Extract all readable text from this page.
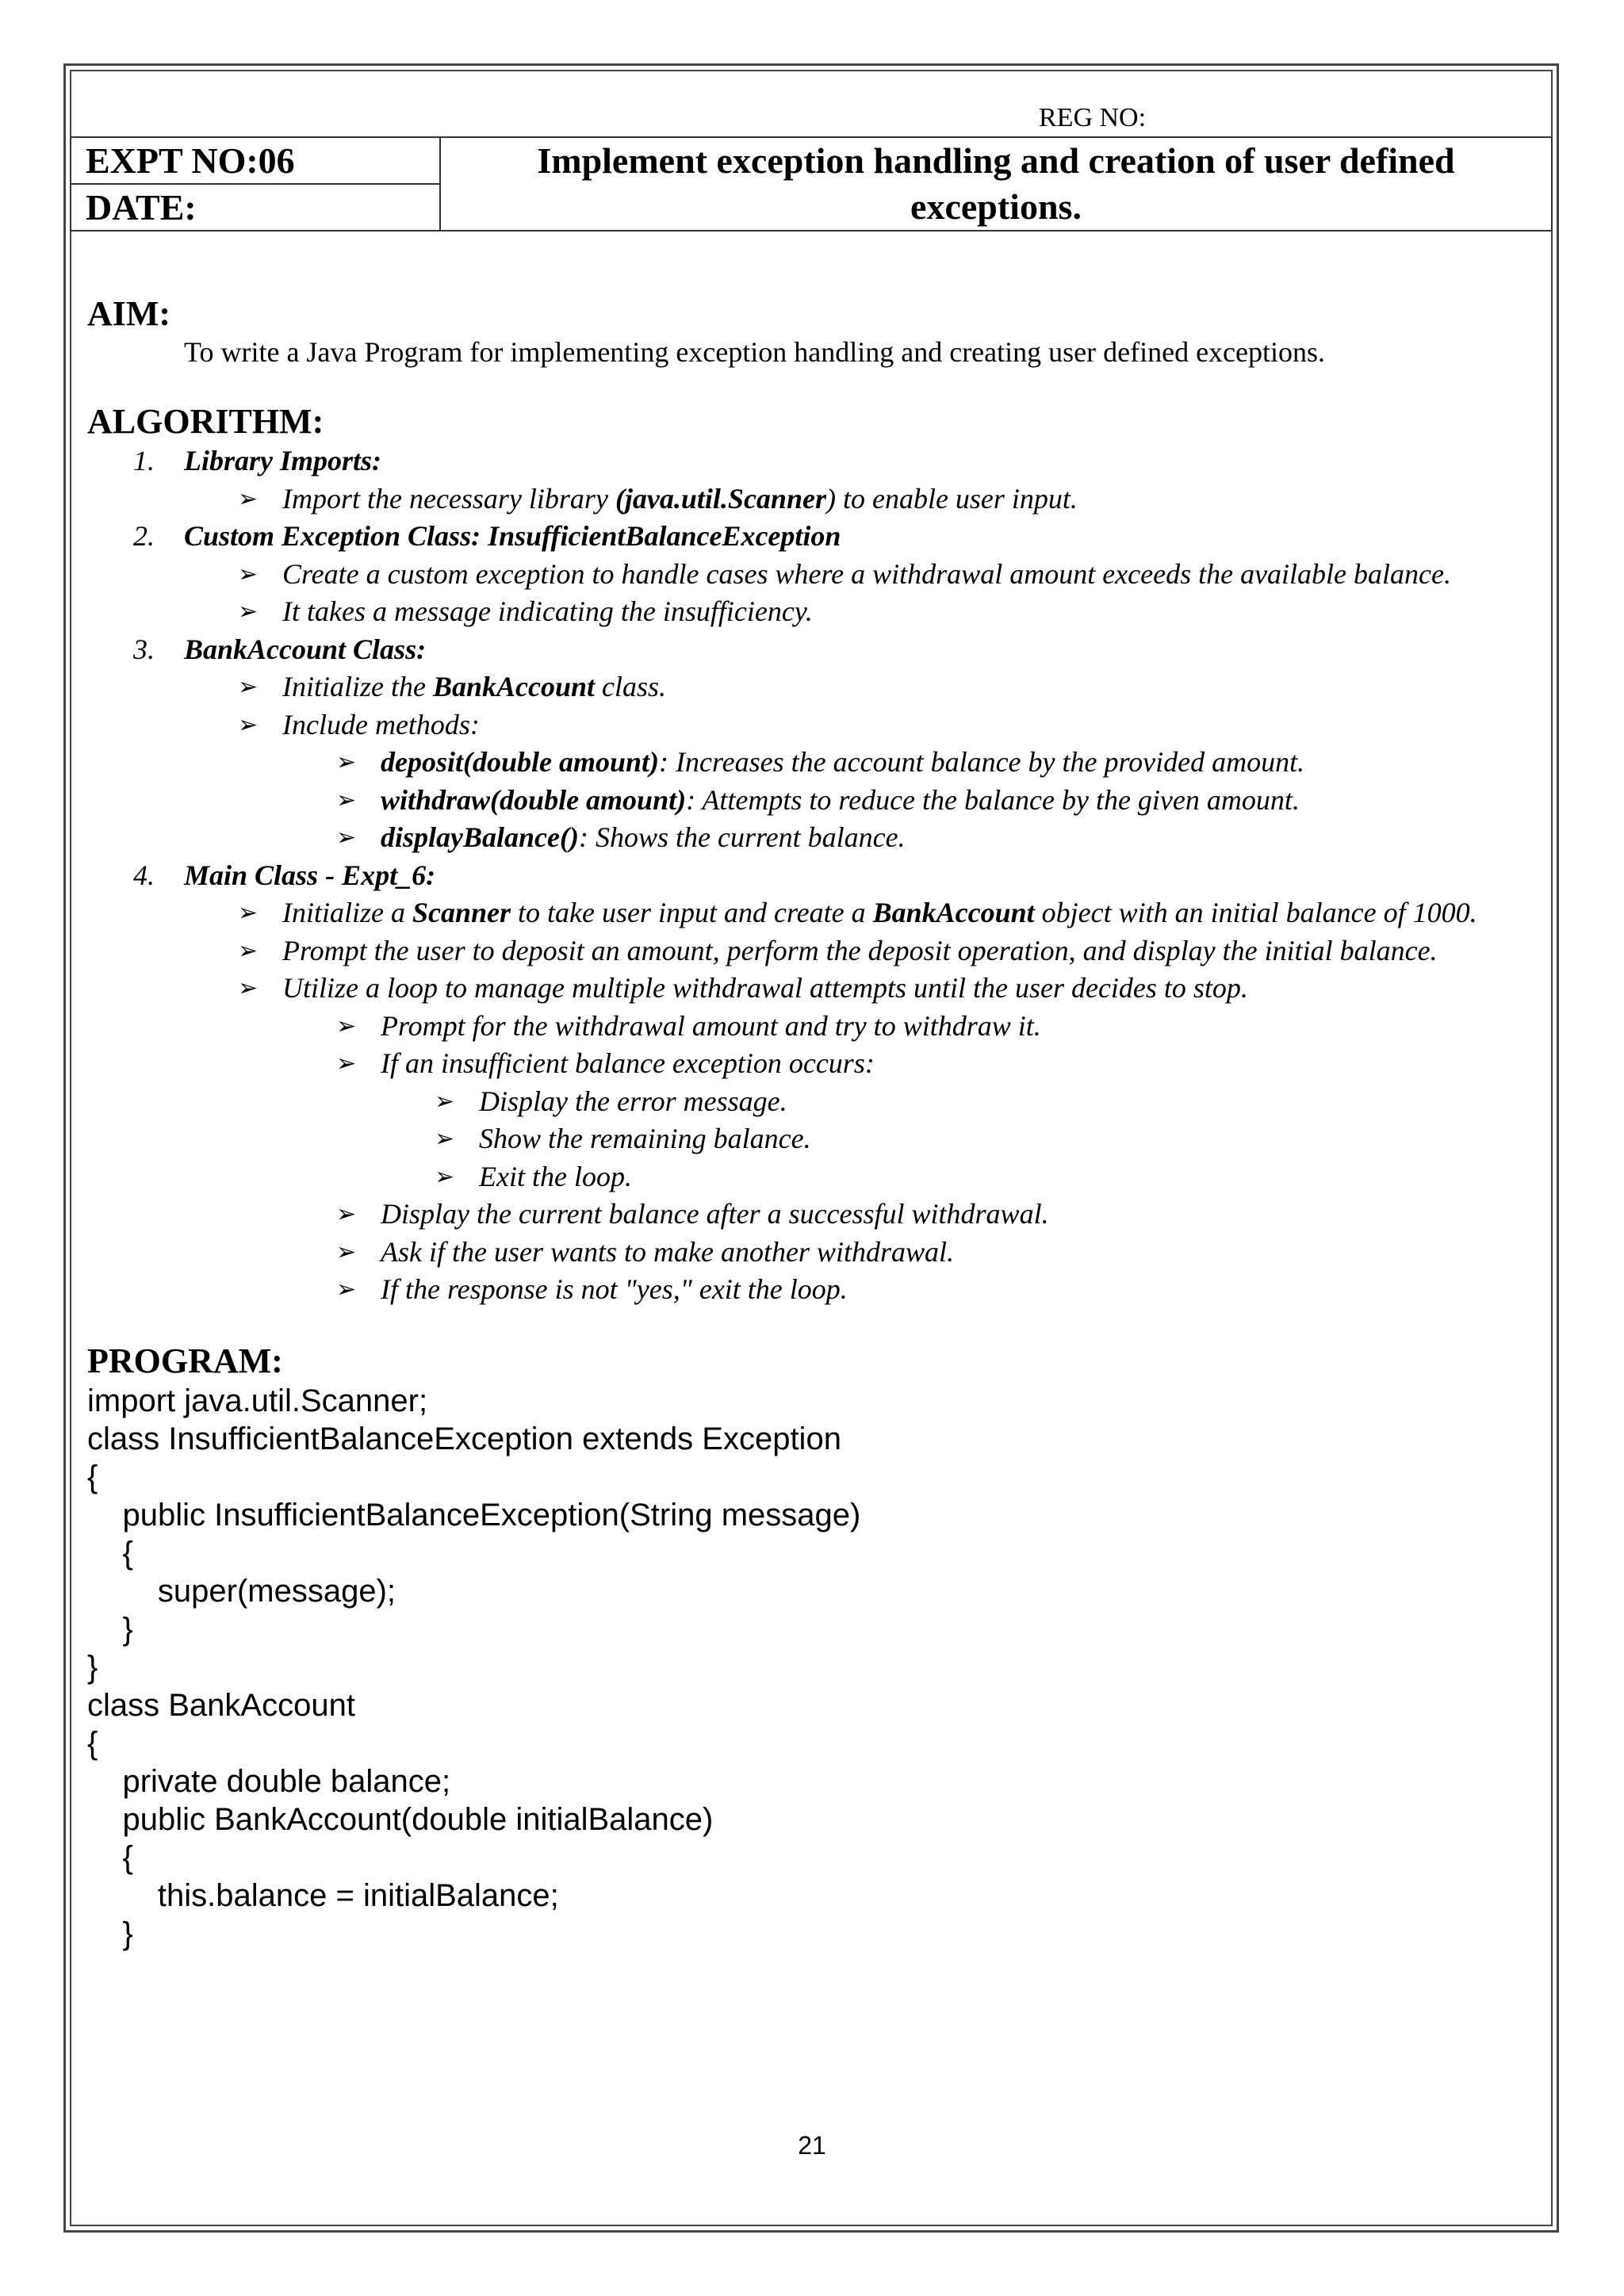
REG NO:
EXPT NO:06	Implement exception handling and creation of user defined exceptions.
DATE:
AIM:

To write a Java Program for implementing exception handling and creating user defined exceptions.

ALGORITHM:
1. Library Imports:
➢ Import the necessary library (java.util.Scanner) to enable user input.
2. Custom Exception Class: InsufficientBalanceException
➢ Create a custom exception to handle cases where a withdrawal amount exceeds the available balance.
➢ It takes a message indicating the insufficiency.
3. BankAccount Class:
➢ Initialize the BankAccount class.
➢ Include methods:
➢ deposit(double amount): Increases the account balance by the provided amount.
➢ withdraw(double amount): Attempts to reduce the balance by the given amount.
➢ displayBalance(): Shows the current balance.
4. Main Class - Expt_6:
➢ Initialize a Scanner to take user input and create a BankAccount object with an initial balance of 1000.
➢ Prompt the user to deposit an amount, perform the deposit operation, and display the initial balance.
➢ Utilize a loop to manage multiple withdrawal attempts until the user decides to stop.
➢ Prompt for the withdrawal amount and try to withdraw it.
➢ If an insufficient balance exception occurs:
➢ Display the error message.
➢ Show the remaining balance.
➢ Exit the loop.
➢ Display the current balance after a successful withdrawal.
➢ Ask if the user wants to make another withdrawal.
➢ If the response is not "yes," exit the loop.
PROGRAM:
import java.util.Scanner;
class InsufficientBalanceException extends Exception
{
public InsufficientBalanceException(String message)
{
super(message);
}
}
class BankAccount
{
private double balance;
public BankAccount(double initialBalance)
{
this.balance = initialBalance;
}
21
